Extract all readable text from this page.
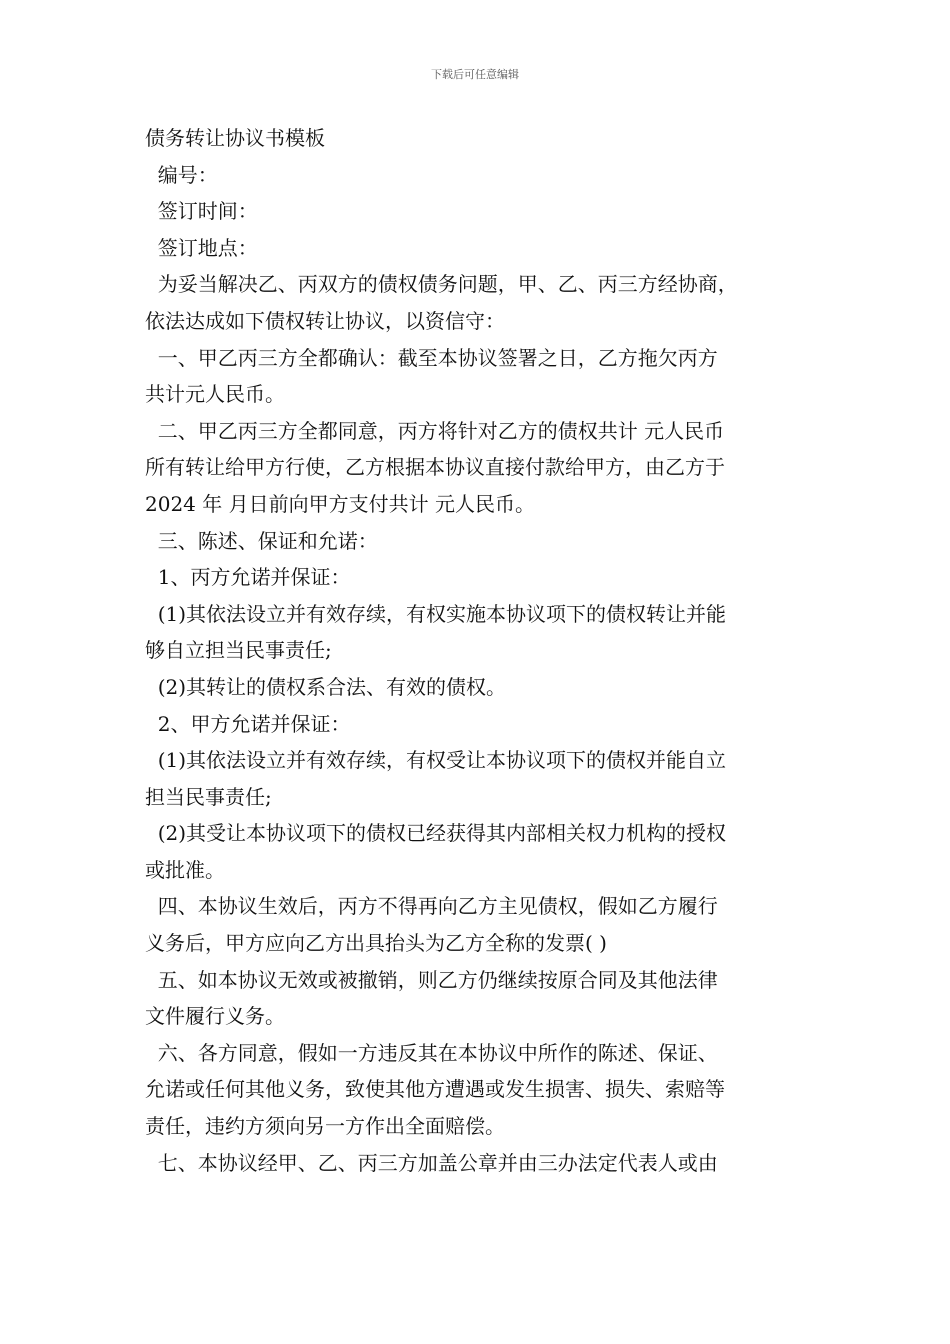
下载后可任意编辑
债务转让协议书模板
编号：
签订时间：
签订地点：
为妥当解决乙、丙双方的债权债务问题，甲、乙、丙三方经协商，
依法达成如下债权转让协议，以资信守：
一、甲乙丙三方全都确认：截至本协议签署之日，乙方拖欠丙方
共计元人民币。
二、甲乙丙三方全都同意，丙方将针对乙方的债权共计 元人民币
所有转让给甲方行使，乙方根据本协议直接付款给甲方，由乙方于
2024 年 月日前向甲方支付共计 元人民币。
三、陈述、保证和允诺：
1、丙方允诺并保证：
(1)其依法设立并有效存续，有权实施本协议项下的债权转让并能
够自立担当民事责任;
(2)其转让的债权系合法、有效的债权。
2、甲方允诺并保证：
(1)其依法设立并有效存续，有权受让本协议项下的债权并能自立
担当民事责任;
(2)其受让本协议项下的债权已经获得其内部相关权力机构的授权
或批准。
四、本协议生效后，丙方不得再向乙方主见债权，假如乙方履行
义务后，甲方应向乙方出具抬头为乙方全称的发票( )
五、如本协议无效或被撤销，则乙方仍继续按原合同及其他法律
文件履行义务。
六、各方同意，假如一方违反其在本协议中所作的陈述、保证、
允诺或任何其他义务，致使其他方遭遇或发生损害、损失、索赔等
责任，违约方须向另一方作出全面赔偿。
七、本协议经甲、乙、丙三方加盖公章并由三办法定代表人或由
